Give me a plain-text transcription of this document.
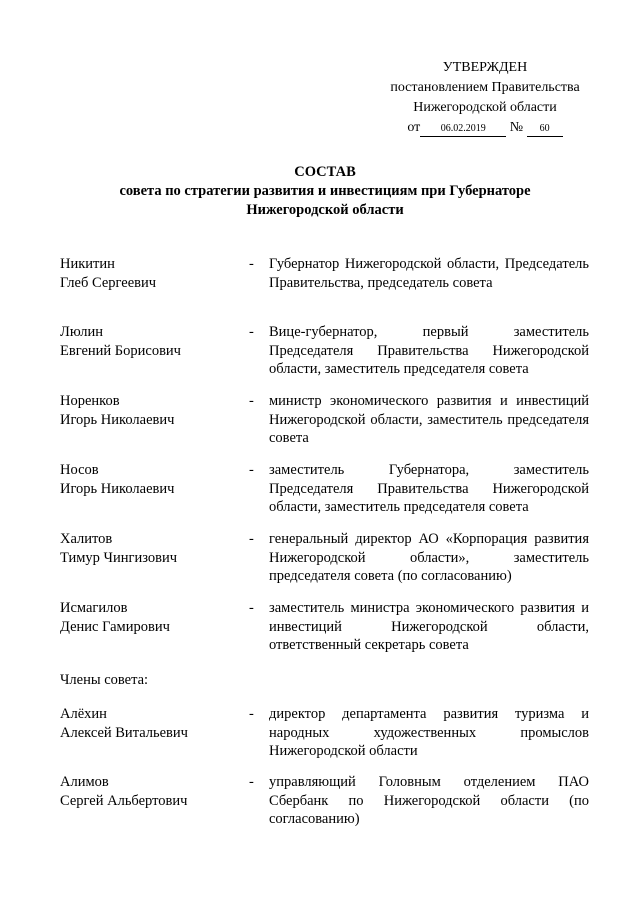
УТВЕРЖДЕН
постановлением Правительства
Нижегородской области
от 06.02.2019 № 60
СОСТАВ
совета по стратегии развития и инвестициям при Губернаторе
Нижегородской области
Никитин
Глеб Сергеевич
- Губернатор Нижегородской области, Председатель Правительства, председатель совета
Люлин
Евгений Борисович
- Вице-губернатор, первый заместитель Председателя Правительства Нижегородской области, заместитель председателя совета
Норенков
Игорь Николаевич
- министр экономического развития и инвестиций Нижегородской области, заместитель председателя совета
Носов
Игорь Николаевич
- заместитель Губернатора, заместитель Председателя Правительства Нижегородской области, заместитель председателя совета
Халитов
Тимур Чингизович
- генеральный директор АО «Корпорация развития Нижегородской области», заместитель председателя совета (по согласованию)
Исмагилов
Денис Гамирович
- заместитель министра экономического развития и инвестиций Нижегородской области, ответственный секретарь совета
Члены совета:
Алёхин
Алексей Витальевич
- директор департамента развития туризма и народных художественных промыслов Нижегородской области
Алимов
Сергей Альбертович
- управляющий Головным отделением ПАО Сбербанк по Нижегородской области (по согласованию)
